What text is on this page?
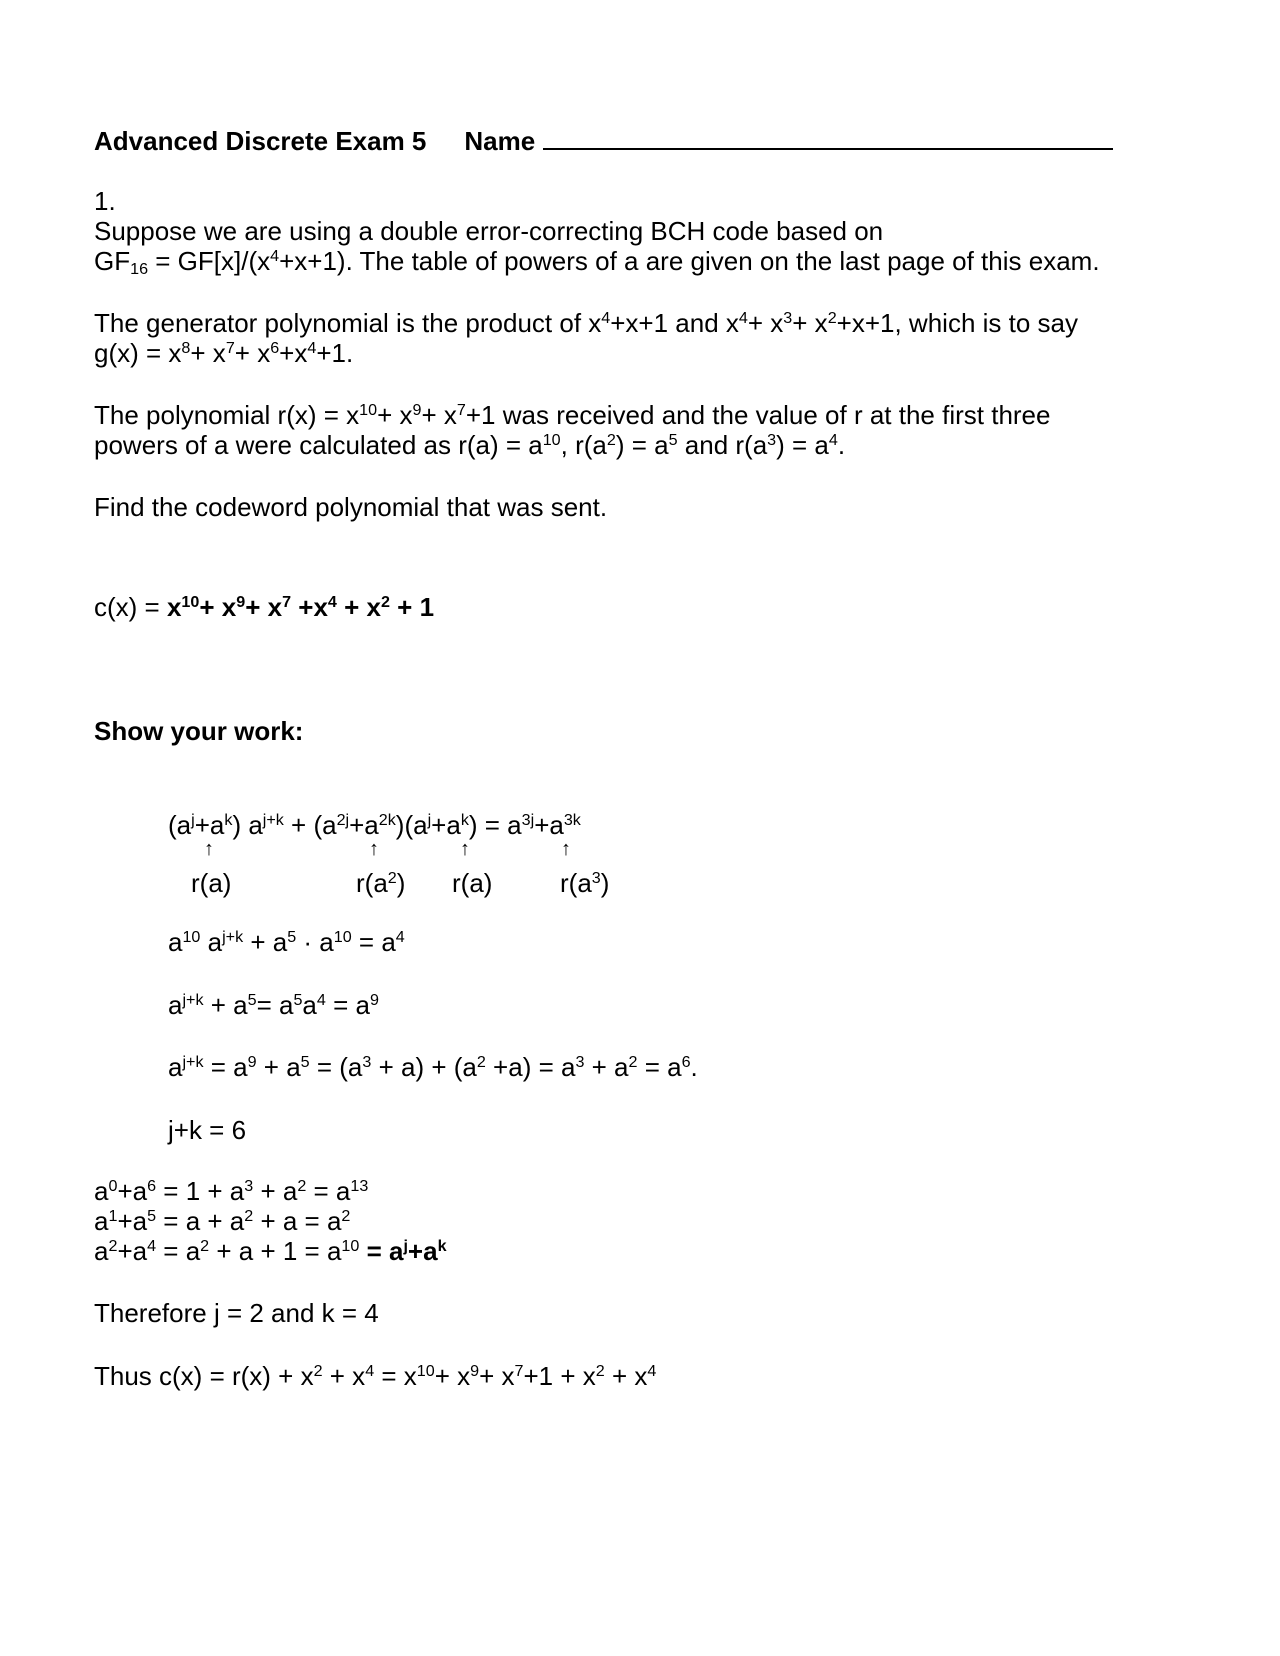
Advanced Discrete Exam 5 Name
1.
Suppose we are using a double error-correcting BCH code based on
$GF_{16} = GF[x]/(x^4+x+1)$. The table of powers of a are given on the last page of this exam.
The generator polynomial is the product of $x^4+x+1$ and $x^4+ x^3+ x^2+x+1$, which is to say
$g(x) = x^8+ x^7+ x^6+x^4+1$.
The polynomial $r(x) = x^{10}+ x^9+ x^7+1$ was received and the value of r at the first three
powers of a were calculated as $r(a) = a^{10}$, $r(a^2) = a^5$ and $r(a^3) = a^4$.
Find the codeword polynomial that was sent.
$c(x) = x^{10}+ x^9+ x^7 +x^4 + x^2 + 1$
Show your work:
$(a^j+a^k) a^{j+k} + (a^{2j}+a^{2k})(a^j+a^k) = a^{3j}+a^{3k}$
↑	↑	↑	↑
r(a)	$r(a^2)$ r(a)	$r(a^3)$
$a^{10}$ $a^{j+k} + a^5 \cdot a^{10} = a^4$
$a^{j+k} + a^5= a^5a^4 = a^9$
$a^{j+k} = a^9 + a^5 = (a^3 + a) + (a^2 +a) = a^3 + a^2 = a^6$.
j+k = 6
$a^0+a^6 = 1 + a^3 + a^2 = a^{13}$
$a^1+a^5 = a + a^2 + a = a^2$
$a^2+a^4 = a^2 + a + 1 = a^{10} = a^j+a^k$
Therefore j = 2 and k = 4
Thus $c(x) = r(x) + x^2 + x^4 = x^{10}+ x^9+ x^7+1 + x^2 + x^4$
